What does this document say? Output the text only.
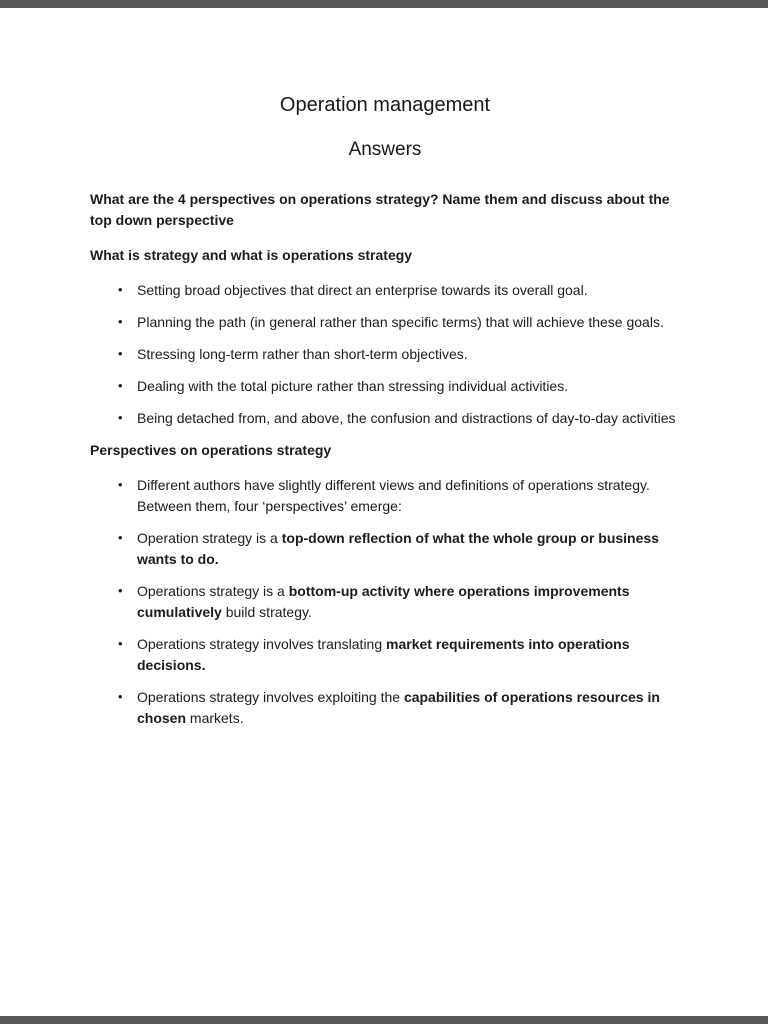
Operation management
Answers

What are the 4 perspectives on operations strategy? Name them and discuss about the top down perspective

What is strategy and what is operations strategy

•	Setting broad objectives that direct an enterprise towards its overall goal.
•	Planning the path (in general rather than specific terms) that will achieve these goals.
•	Stressing long-term rather than short-term objectives.
•	Dealing with the total picture rather than stressing individual activities.
•	Being detached from, and above, the confusion and distractions of day-to-day activities

Perspectives on operations strategy

•	Different authors have slightly different views and definitions of operations strategy. Between them, four ‘perspectives’ emerge:
•	Operation strategy is a top-down reflection of what the whole group or business wants to do.
•	Operations strategy is a bottom-up activity where operations improvements cumulatively build strategy.
•	Operations strategy involves translating market requirements into operations decisions.
•	Operations strategy involves exploiting the capabilities of operations resources in chosen markets.
